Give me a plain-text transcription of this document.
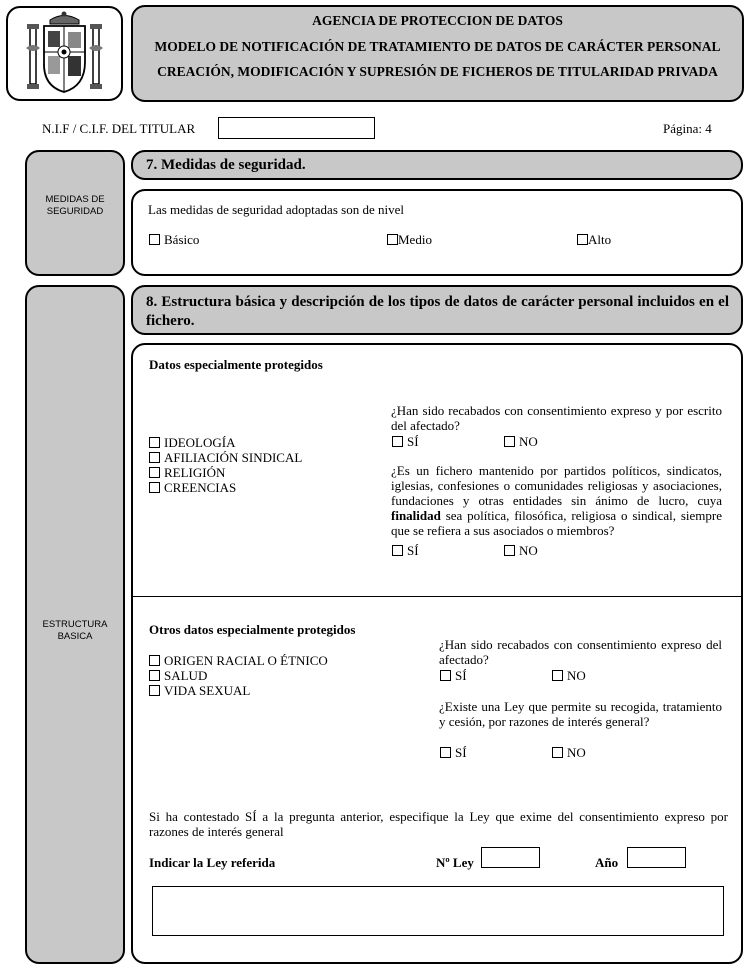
AGENCIA DE PROTECCION DE DATOS
MODELO DE NOTIFICACIÓN DE TRATAMIENTO DE DATOS DE CARÁCTER PERSONAL
CREACIÓN, MODIFICACIÓN Y SUPRESIÓN DE FICHEROS DE TITULARIDAD PRIVADA
N.I.F / C.I.F. DEL TITULAR	Página: 4
MEDIDAS DE SEGURIDAD
7. Medidas de seguridad.
Las medidas de seguridad adoptadas son de nivel
Básico	Medio	Alto
ESTRUCTURA BASICA
8. Estructura básica y descripción de los tipos de datos de carácter personal incluidos en el fichero.
Datos especialmente protegidos
IDEOLOGÍA
AFILIACIÓN SINDICAL
RELIGIÓN
CREENCIAS
¿Han sido recabados con consentimiento expreso y por escrito del afectado?
SÍ	NO
¿Es un fichero mantenido por partidos políticos, sindicatos, iglesias, confesiones o comunidades religiosas y asociaciones, fundaciones y otras entidades sin ánimo de lucro, cuya finalidad sea política, filosófica, religiosa o sindical, siempre que se refiera a sus asociados o miembros?
SÍ	NO
Otros datos especialmente protegidos
ORIGEN RACIAL O ÉTNICO
SALUD
VIDA SEXUAL
¿Han sido recabados con consentimiento expreso del afectado?
SÍ	NO
¿Existe una Ley que permite su recogida, tratamiento y cesión, por razones de interés general?
SÍ	NO
Si ha contestado SÍ a la pregunta anterior, especifique la Ley que exime del consentimiento expreso por razones de interés general
Indicar la Ley referida	Nº Ley	Año
